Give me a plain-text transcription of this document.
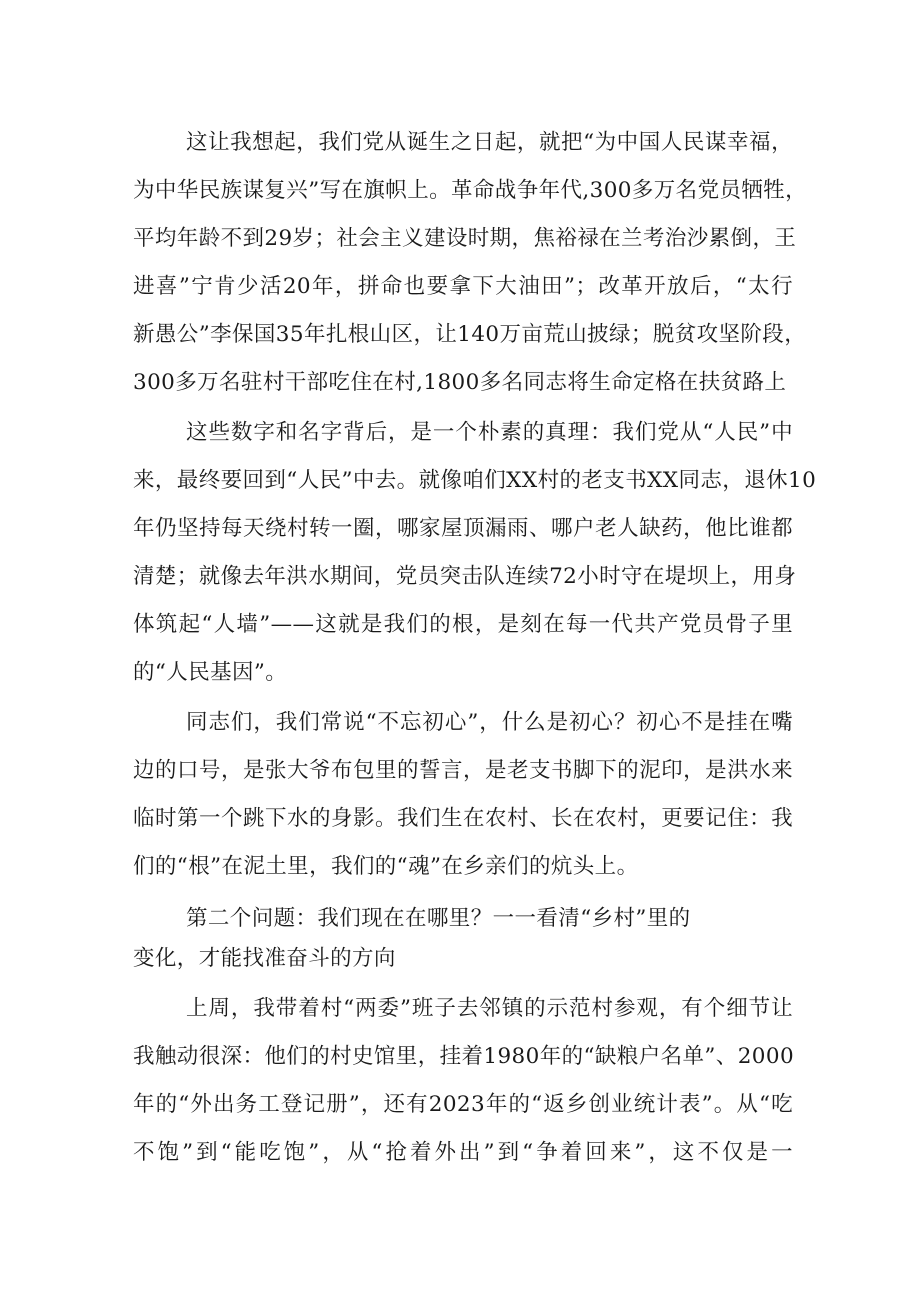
这让我想起，我们党从诞生之日起，就把“为中国人民谋幸福，
为中华民族谋复兴”写在旗帜上。革命战争年代,300多万名党员牺牲，
平均年龄不到29岁；社会主义建设时期，焦裕禄在兰考治沙累倒，王
进喜”宁肯少活20年，拼命也要拿下大油田”；改革开放后，“太行
新愚公”李保国35年扎根山区，让140万亩荒山披绿；脱贫攻坚阶段，
300多万名驻村干部吃住在村,1800多名同志将生命定格在扶贫路上
这些数字和名字背后，是一个朴素的真理：我们党从“人民”中
来，最终要回到“人民”中去。就像咱们XX村的老支书XX同志，退休10
年仍坚持每天绕村转一圈，哪家屋顶漏雨、哪户老人缺药，他比谁都
清楚；就像去年洪水期间，党员突击队连续72小时守在堤坝上，用身
体筑起“人墙”——这就是我们的根，是刻在每一代共产党员骨子里
的“人民基因”。
同志们，我们常说“不忘初心”，什么是初心？初心不是挂在嘴
边的口号，是张大爷布包里的誓言，是老支书脚下的泥印，是洪水来
临时第一个跳下水的身影。我们生在农村、长在农村，更要记住：我
们的“根”在泥土里，我们的“魂”在乡亲们的炕头上。
第二个问题：我们现在在哪里？一一看清“乡村”里的
变化，才能找准奋斗的方向
上周，我带着村“两委”班子去邻镇的示范村参观，有个细节让
我触动很深：他们的村史馆里，挂着1980年的“缺粮户名单”、2000
年的“外出务工登记册”，还有2023年的“返乡创业统计表”。从“吃
不饱”到“能吃饱”，从“抢着外出”到“争着回来”，这不仅是一
